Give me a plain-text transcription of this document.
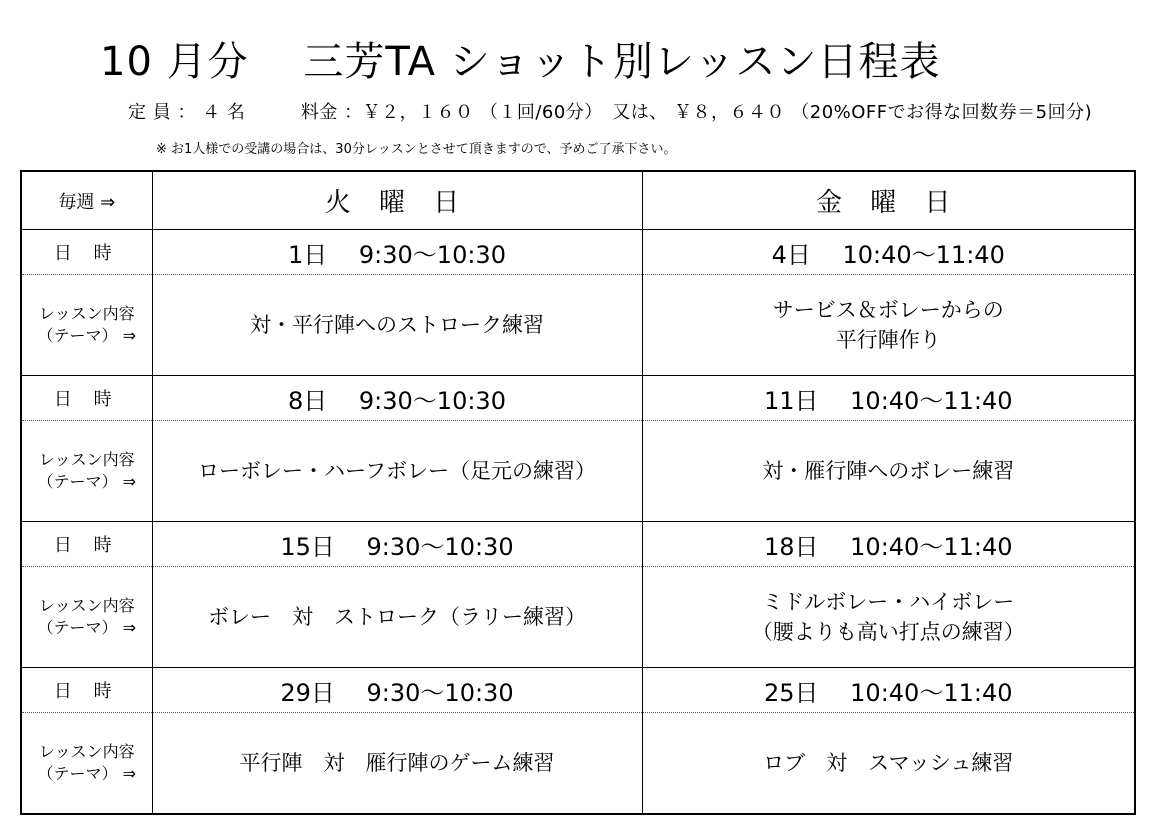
10 月分　 三芳TA ショット別レッスン日程表
定 員 ： ４ 名　　　料金 ：￥２，１６０ （１回/60分）　又は、 ￥８，６４０ （20%OFFでお得な回数券＝5回分)
※ お1人様での受講の場合は、30分レッスンとさせて頂きますので、予めご了承下さい。
毎週 ⇒	火 曜 日	金 曜 日
日 時	1日　 9:30〜10:30	4日　 10:40〜11:40

レッスン内容
（テーマ） ⇒	対・平行陣へのストローク練習	サービス＆ボレーからの
平行陣作り

日 時	8日　 9:30〜10:30	11日　 10:40〜11:40

レッスン内容
（テーマ） ⇒	ローボレー・ハーフボレー（足元の練習）	対・雁行陣へのボレー練習

日 時	15日　 9:30〜10:30	18日　 10:40〜11:40

レッスン内容
（テーマ） ⇒	ボレー　対　ストローク（ラリー練習）	ミドルボレー・ハイボレー
（腰よりも高い打点の練習）

日 時	29日　 9:30〜10:30	25日　 10:40〜11:40

レッスン内容
（テーマ） ⇒	平行陣　対　雁行陣のゲーム練習	ロブ　対　スマッシュ練習
